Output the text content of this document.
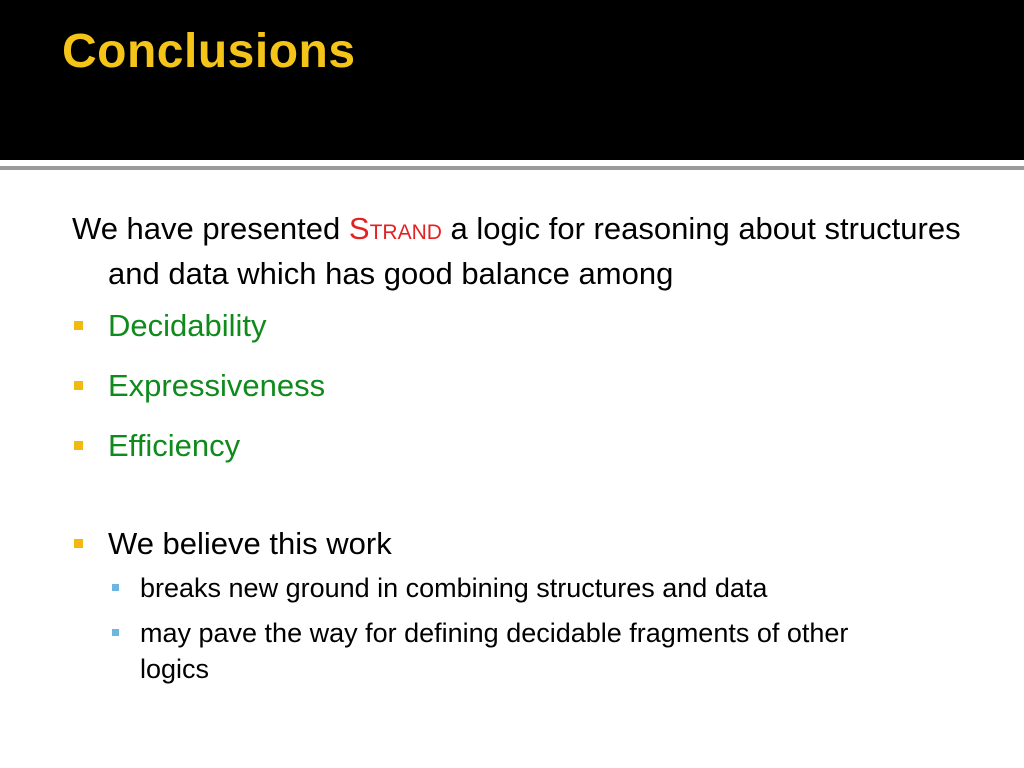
Conclusions

We have presented STRAND a logic for reasoning about structures and data which has good balance among

Decidability
Expressiveness
Efficiency
We believe this work
breaks new ground in combining structures and data
may pave the way for defining decidable fragments of other logics
